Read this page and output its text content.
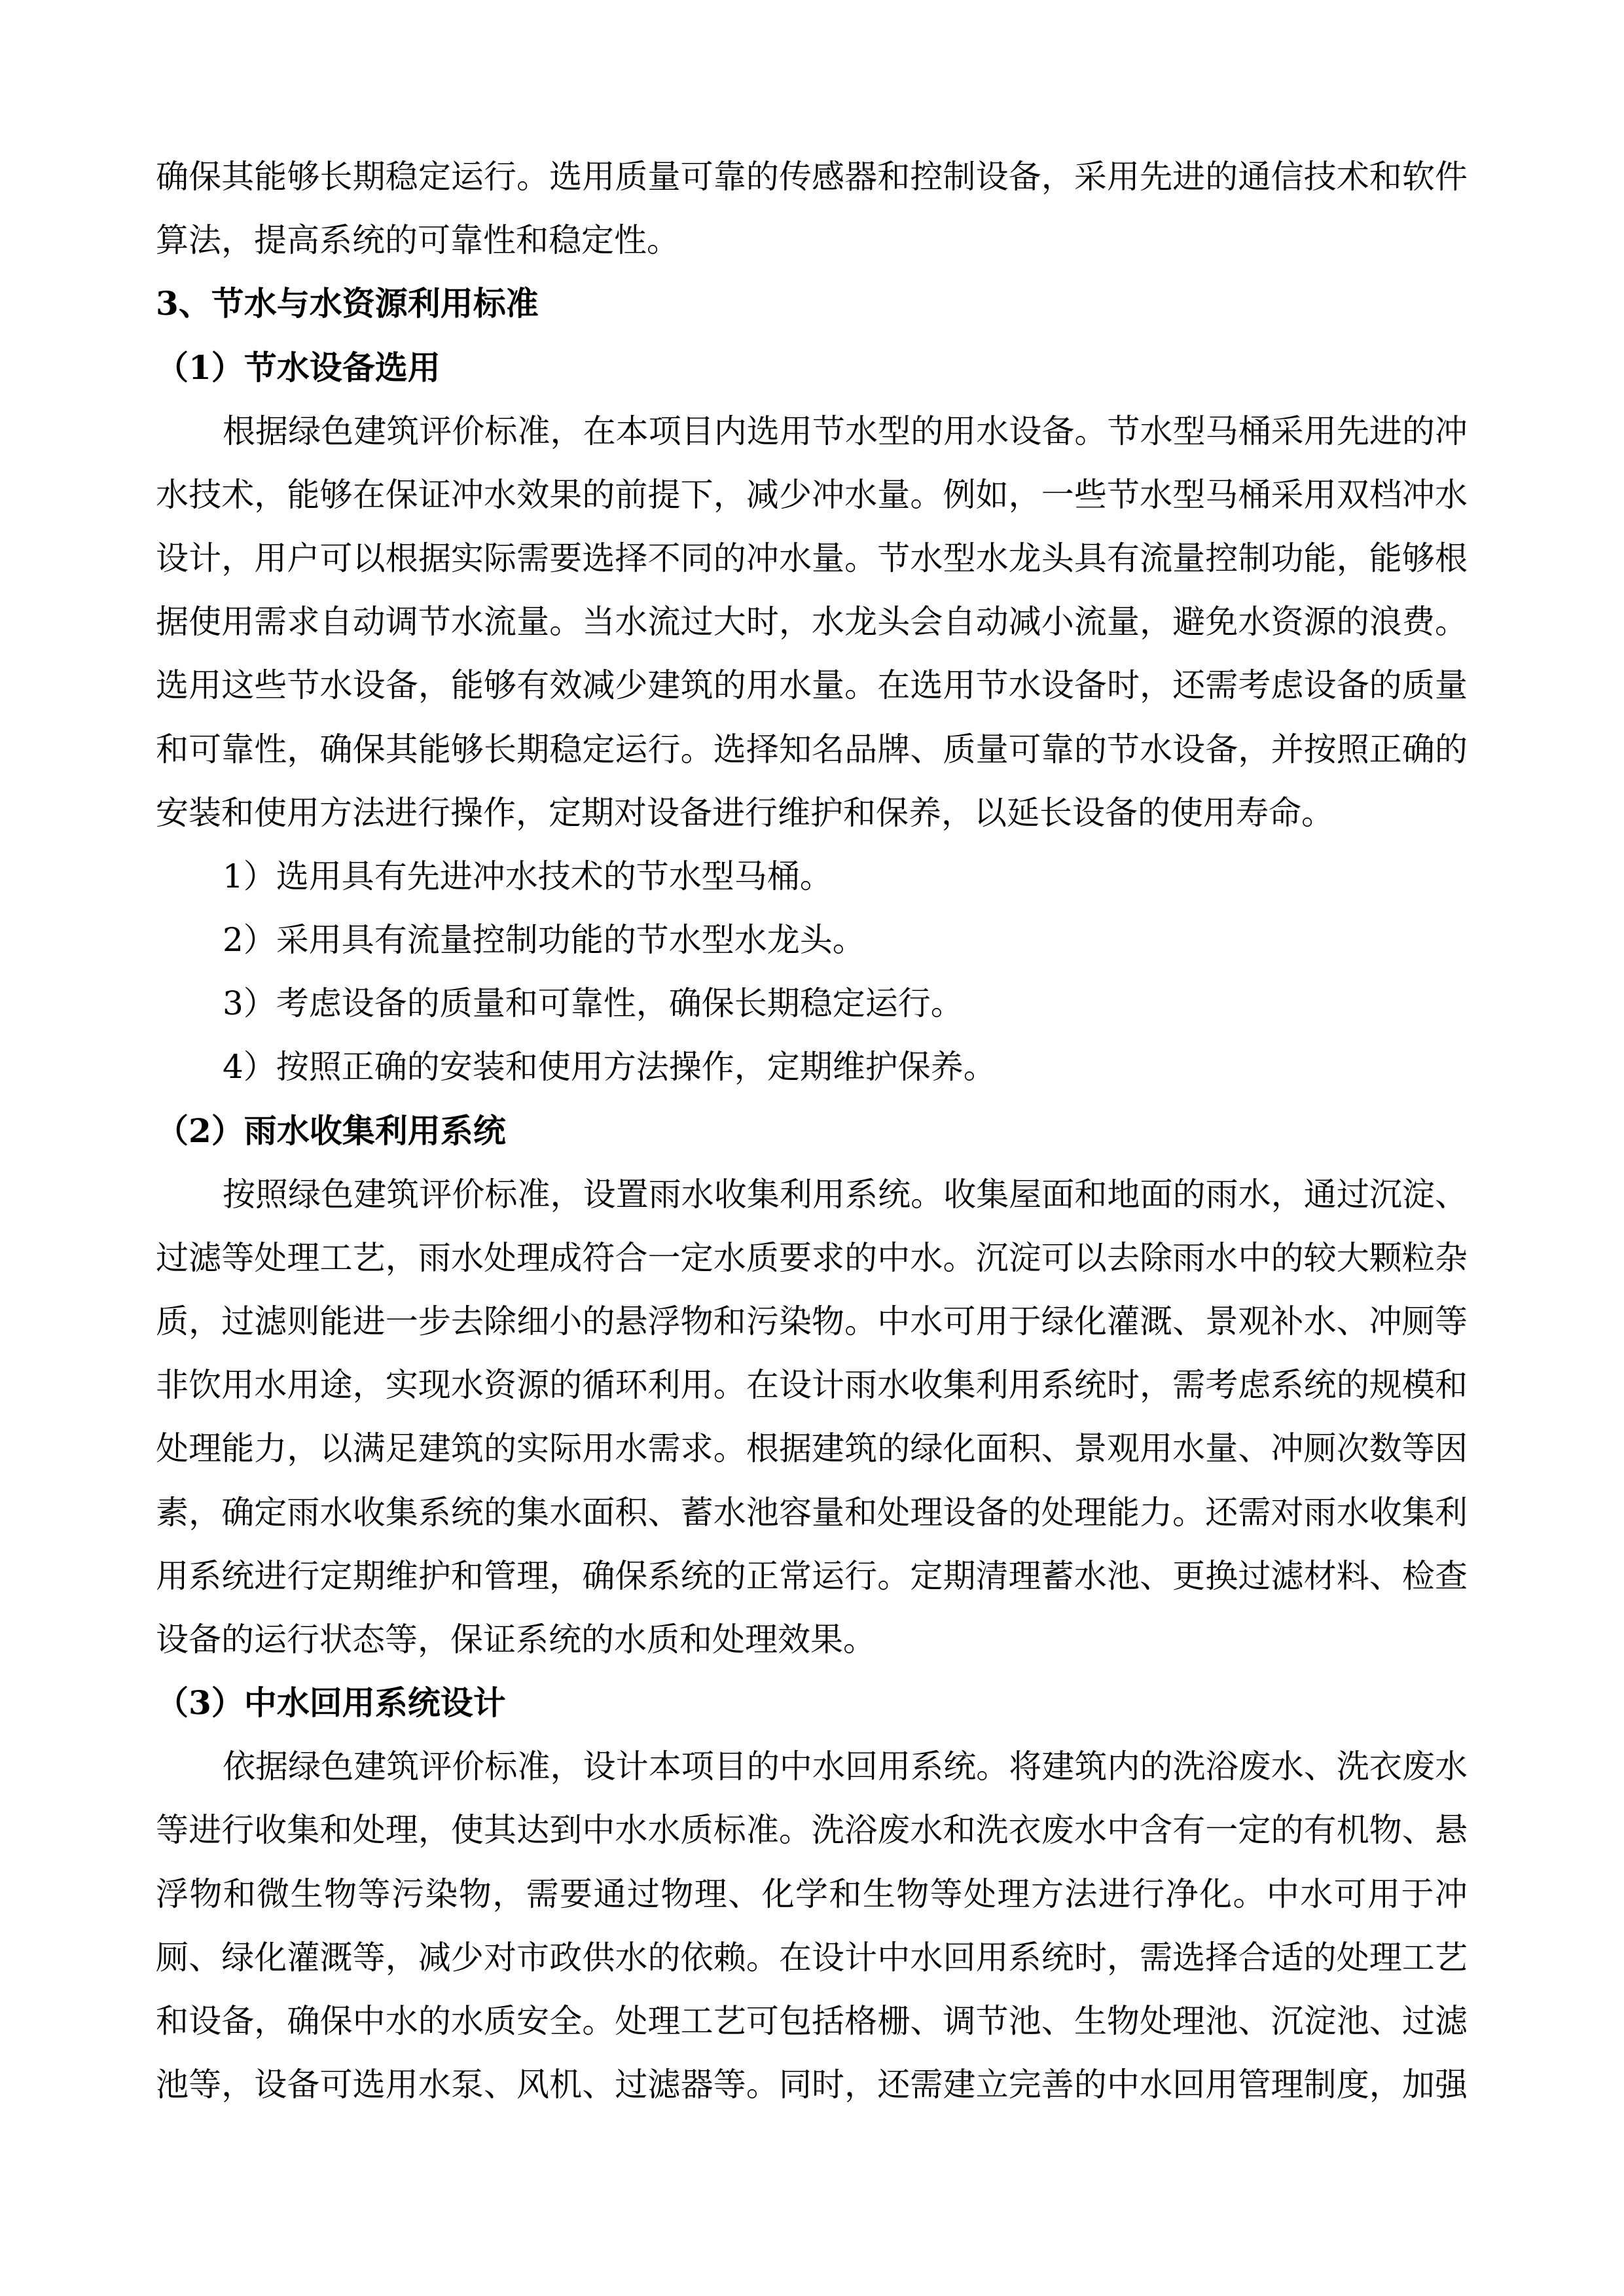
确保其能够长期稳定运行。选用质量可靠的传感器和控制设备，采用先进的通信技术和软件
算法，提高系统的可靠性和稳定性。
3、节水与水资源利用标准
（1）节水设备选用
根据绿色建筑评价标准，在本项目内选用节水型的用水设备。节水型马桶采用先进的冲
水技术，能够在保证冲水效果的前提下，减少冲水量。例如，一些节水型马桶采用双档冲水
设计，用户可以根据实际需要选择不同的冲水量。节水型水龙头具有流量控制功能，能够根
据使用需求自动调节水流量。当水流过大时，水龙头会自动减小流量，避免水资源的浪费。
选用这些节水设备，能够有效减少建筑的用水量。在选用节水设备时，还需考虑设备的质量
和可靠性，确保其能够长期稳定运行。选择知名品牌、质量可靠的节水设备，并按照正确的
安装和使用方法进行操作，定期对设备进行维护和保养，以延长设备的使用寿命。
1）选用具有先进冲水技术的节水型马桶。
2）采用具有流量控制功能的节水型水龙头。
3）考虑设备的质量和可靠性，确保长期稳定运行。
4）按照正确的安装和使用方法操作，定期维护保养。
（2）雨水收集利用系统
按照绿色建筑评价标准，设置雨水收集利用系统。收集屋面和地面的雨水，通过沉淀、
过滤等处理工艺，雨水处理成符合一定水质要求的中水。沉淀可以去除雨水中的较大颗粒杂
质，过滤则能进一步去除细小的悬浮物和污染物。中水可用于绿化灌溉、景观补水、冲厕等
非饮用水用途，实现水资源的循环利用。在设计雨水收集利用系统时，需考虑系统的规模和
处理能力，以满足建筑的实际用水需求。根据建筑的绿化面积、景观用水量、冲厕次数等因
素，确定雨水收集系统的集水面积、蓄水池容量和处理设备的处理能力。还需对雨水收集利
用系统进行定期维护和管理，确保系统的正常运行。定期清理蓄水池、更换过滤材料、检查
设备的运行状态等，保证系统的水质和处理效果。
（3）中水回用系统设计
依据绿色建筑评价标准，设计本项目的中水回用系统。将建筑内的洗浴废水、洗衣废水
等进行收集和处理，使其达到中水水质标准。洗浴废水和洗衣废水中含有一定的有机物、悬
浮物和微生物等污染物，需要通过物理、化学和生物等处理方法进行净化。中水可用于冲
厕、绿化灌溉等，减少对市政供水的依赖。在设计中水回用系统时，需选择合适的处理工艺
和设备，确保中水的水质安全。处理工艺可包括格栅、调节池、生物处理池、沉淀池、过滤
池等，设备可选用水泵、风机、过滤器等。同时，还需建立完善的中水回用管理制度，加强
